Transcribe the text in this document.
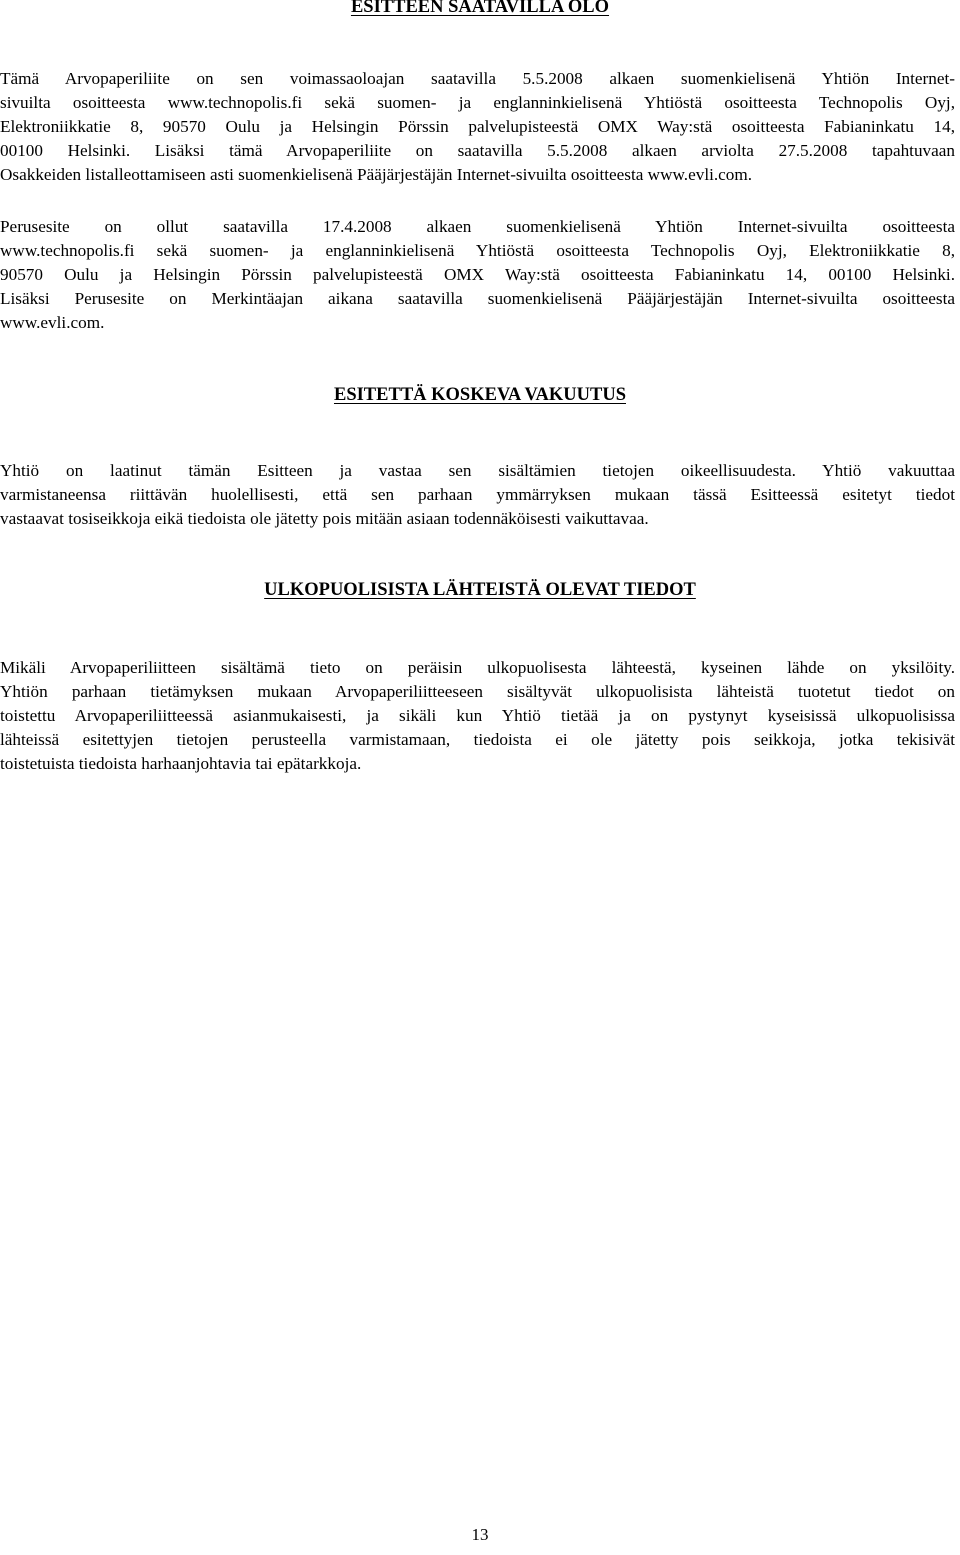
ESITTEEN SAATAVILLA OLO
Tämä Arvopaperiliite on sen voimassaoloajan saatavilla 5.5.2008 alkaen suomenkielisenä Yhtiön Internet-
sivuilta osoitteesta www.technopolis.fi sekä suomen- ja englanninkielisenä Yhtiöstä osoitteesta Technopolis Oyj,
Elektroniikkatie 8, 90570 Oulu ja Helsingin Pörssin palvelupisteestä OMX Way:stä osoitteesta Fabianinkatu 14,
00100 Helsinki. Lisäksi tämä Arvopaperiliite on saatavilla 5.5.2008 alkaen arviolta 27.5.2008 tapahtuvaan
Osakkeiden listalleottamiseen asti suomenkielisenä Pääjärjestäjän Internet-sivuilta osoitteesta www.evli.com.
Perusesite on ollut saatavilla 17.4.2008 alkaen suomenkielisenä Yhtiön Internet-sivuilta osoitteesta
www.technopolis.fi sekä suomen- ja englanninkielisenä Yhtiöstä osoitteesta Technopolis Oyj, Elektroniikkatie 8,
90570 Oulu ja Helsingin Pörssin palvelupisteestä OMX Way:stä osoitteesta Fabianinkatu 14, 00100 Helsinki.
Lisäksi Perusesite on Merkintäajan aikana saatavilla suomenkielisenä Pääjärjestäjän Internet-sivuilta osoitteesta
www.evli.com.
ESITETTÄ KOSKEVA VAKUUTUS
Yhtiö on laatinut tämän Esitteen ja vastaa sen sisältämien tietojen oikeellisuudesta. Yhtiö vakuuttaa
varmistaneensa riittävän huolellisesti, että sen parhaan ymmärryksen mukaan tässä Esitteessä esitetyt tiedot
vastaavat tosiseikkoja eikä tiedoista ole jätetty pois mitään asiaan todennäköisesti vaikuttavaa.
ULKOPUOLISISTA LÄHTEISTÄ OLEVAT TIEDOT
Mikäli Arvopaperiliitteen sisältämä tieto on peräisin ulkopuolisesta lähteestä, kyseinen lähde on yksilöity.
Yhtiön parhaan tietämyksen mukaan Arvopaperiliitteeseen sisältyvät ulkopuolisista lähteistä tuotetut tiedot on
toistettu Arvopaperiliitteessä asianmukaisesti, ja sikäli kun Yhtiö tietää ja on pystynyt kyseisissä ulkopuolisissa
lähteissä esitettyjen tietojen perusteella varmistamaan, tiedoista ei ole jätetty pois seikkoja, jotka tekisivät
toistetuista tiedoista harhaanjohtavia tai epätarkkoja.
13
